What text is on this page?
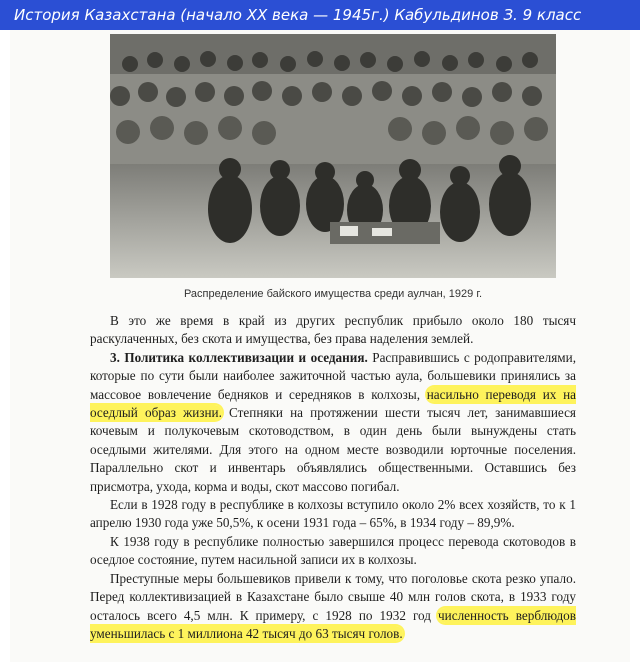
История Казахстана (начало XX века — 1945г.) Кабульдинов З. 9 класс
Распределение байского имущества среди аулчан, 1929 г.

В это же время в край из других республик прибыло около 180 тысяч раскулаченных, без скота и имущества, без права наделения землей.

3. Политика коллективизации и оседания. Расправившись с родоправителями, которые по сути были наиболее зажиточной частью аула, большевики принялись за массовое вовлечение бедняков и середняков в колхозы, насильно переводя их на оседлый образ жизни. Степняки на протяжении шести тысяч лет, занимавшиеся кочевым и полукочевым скотоводством, в один день были вынуждены стать оседлыми жителями. Для этого на одном месте возводили юрточные поселения. Параллельно скот и инвентарь объявлялись общественными. Оставшись без присмотра, ухода, корма и воды, скот массово погибал.

Если в 1928 году в республике в колхозы вступило около 2% всех хозяйств, то к 1 апрелю 1930 года уже 50,5%, к осени 1931 года – 65%, в 1934 году – 89,9%.

К 1938 году в республике полностью завершился процесс перевода скотоводов в оседлое состояние, путем насильной записи их в колхозы.

Преступные меры большевиков привели к тому, что поголовье скота резко упало. Перед коллективизацией в Казахстане было свыше 40 млн голов скота, в 1933 году осталось всего 4,5 млн. К примеру, с 1928 по 1932 год численность верблюдов уменьшилась с 1 миллиона 42 тысяч до 63 тысяч голов.
